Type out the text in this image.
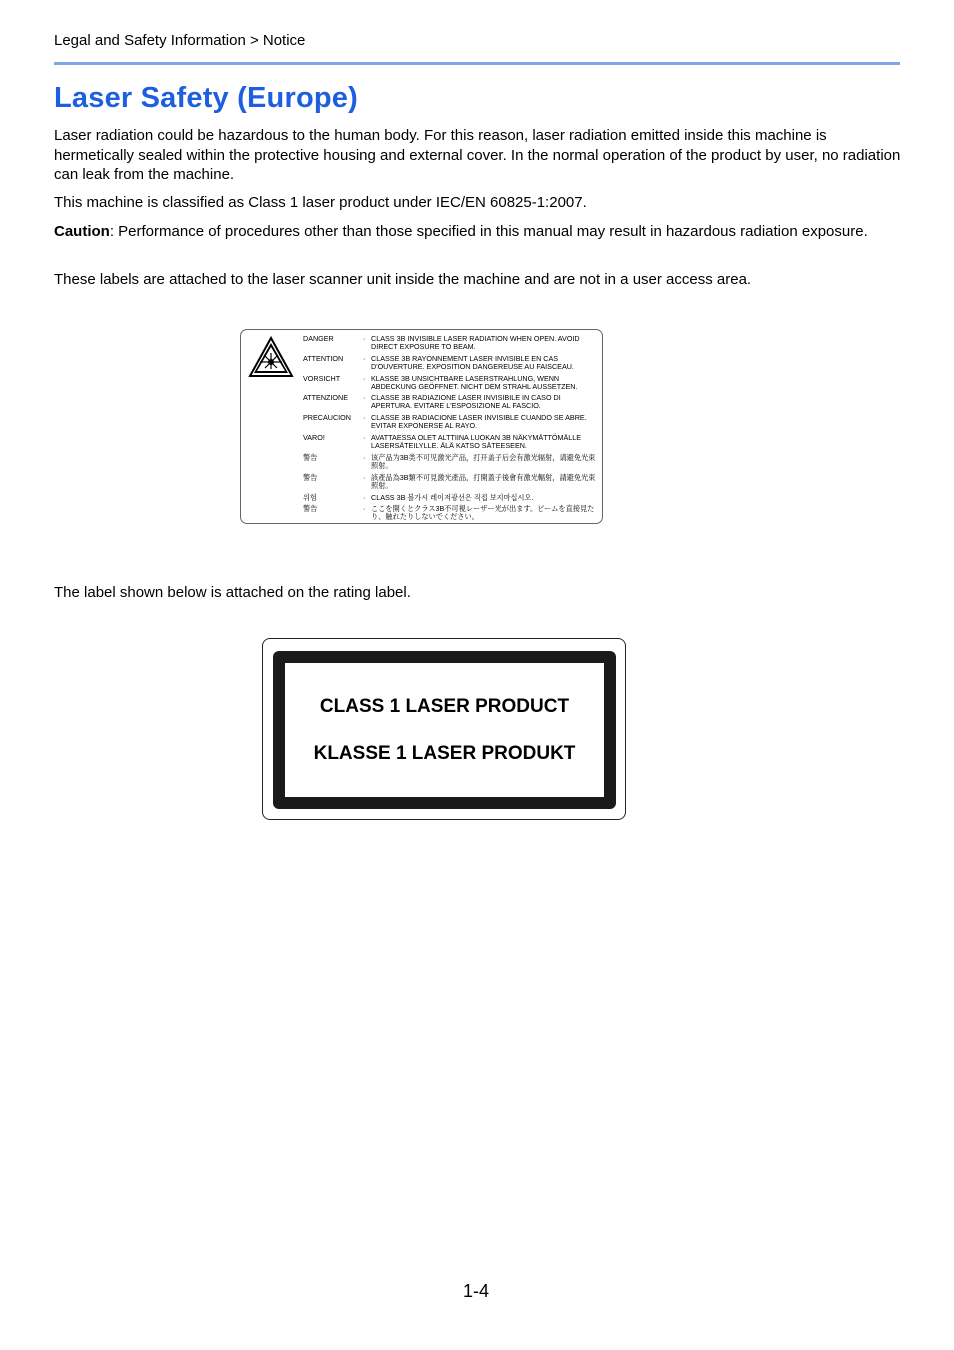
Legal and Safety Information > Notice
Laser Safety (Europe)

Laser radiation could be hazardous to the human body. For this reason, laser radiation emitted inside this machine is hermetically sealed within the protective housing and external cover. In the normal operation of the product by user, no radiation can leak from the machine.

This machine is classified as Class 1 laser product under IEC/EN 60825-1:2007.

Caution: Performance of procedures other than those specified in this manual may result in hazardous radiation exposure.

These labels are attached to the laser scanner unit inside the machine and are not in a user access area.

DANGER	· CLASS 3B INVISIBLE LASER RADIATION WHEN OPEN. AVOID DIRECT EXPOSURE TO BEAM.
ATTENTION	· CLASSE 3B RAYONNEMENT LASER INVISIBLE EN CAS D'OUVERTURE. EXPOSITION DANGEREUSE AU FAISCEAU.
VORSICHT	· KLASSE 3B UNSICHTBARE LASERSTRAHLUNG, WENN ABDECKUNG GEÖFFNET. NICHT DEM STRAHL AUSSETZEN.
ATTENZIONE	· CLASSE 3B RADIAZIONE LASER INVISIBILE IN CASO DI APERTURA. EVITARE L'ESPOSIZIONE AL FASCIO.
PRECAUCION	· CLASSE 3B RADIACIONE LASER INVISIBLE CUANDO SE ABRE. EVITAR EXPONERSE AL RAYO.
VARO!	· AVATTAESSA OLET ALTTIINA LUOKAN 3B NÄKYMÄTTÖMÄLLE LASERSÄTEILYLLE. ÄLÄ KATSO SÄTEESEEN.
警告	· 该产品为3B类不可见激光产品，打开盖子后会有激光辐射，请避免光束照射。
警告	· 該產品為3B類不可見激光產品，打開蓋子後會有激光輻射，請避免光束照射。
위험	· CLASS 3B 볼가시 레이저광선은 직접 보지마십시오.
警告	· ここを開くとクラス3B不可視レーザー光が出ます。ビームを直接見たり、触れたりしないでください。

The label shown below is attached on the rating label.

CLASS 1 LASER PRODUCT
KLASSE 1 LASER PRODUKT
1-4
